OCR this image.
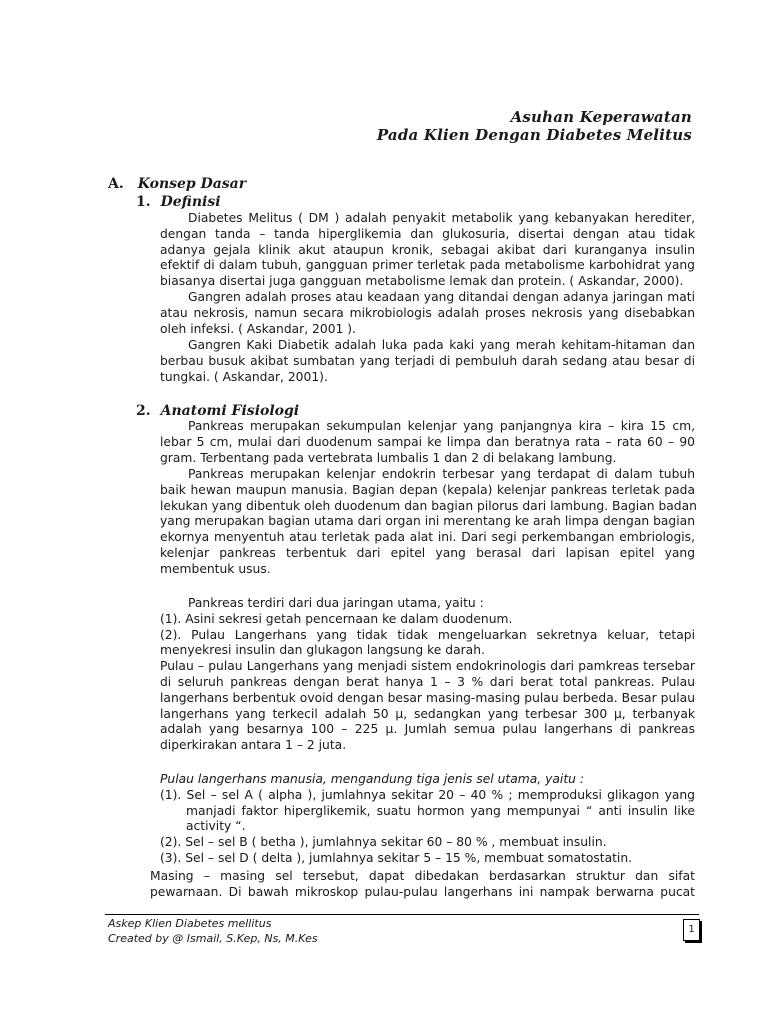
Asuhan Keperawatan
Pada Klien Dengan Diabetes Melitus
A. Konsep Dasar
1. Definisi
Diabetes Melitus ( DM ) adalah penyakit metabolik yang kebanyakan herediter,
dengan tanda – tanda hiperglikemia dan glukosuria, disertai dengan atau tidak
adanya gejala klinik akut ataupun kronik, sebagai akibat dari kuranganya insulin
efektif di dalam tubuh, gangguan primer terletak pada metabolisme karbohidrat yang
biasanya disertai juga gangguan metabolisme lemak dan protein. ( Askandar, 2000).
Gangren adalah proses atau keadaan yang ditandai dengan adanya jaringan mati
atau nekrosis, namun secara mikrobiologis adalah proses nekrosis yang disebabkan
oleh infeksi. ( Askandar, 2001 ).
Gangren Kaki Diabetik adalah luka pada kaki yang merah kehitam-hitaman dan
berbau busuk akibat sumbatan yang terjadi di pembuluh darah sedang atau besar di
tungkai. ( Askandar, 2001).
2. Anatomi Fisiologi
Pankreas merupakan sekumpulan kelenjar yang panjangnya kira – kira 15 cm,
lebar 5 cm, mulai dari duodenum sampai ke limpa dan beratnya rata – rata 60 – 90
gram. Terbentang pada vertebrata lumbalis 1 dan 2 di belakang lambung.
Pankreas merupakan kelenjar endokrin terbesar yang terdapat di dalam tubuh
baik hewan maupun manusia. Bagian depan (kepala) kelenjar pankreas terletak pada
lekukan yang dibentuk oleh duodenum dan bagian pilorus dari lambung. Bagian badan
yang merupakan bagian utama dari organ ini merentang ke arah limpa dengan bagian
ekornya menyentuh atau terletak pada alat ini. Dari segi perkembangan embriologis,
kelenjar pankreas terbentuk dari epitel yang berasal dari lapisan epitel yang
membentuk usus.
Pankreas terdiri dari dua jaringan utama, yaitu :
(1). Asini sekresi getah pencernaan ke dalam duodenum.
(2). Pulau Langerhans yang tidak tidak mengeluarkan sekretnya keluar, tetapi
menyekresi insulin dan glukagon langsung ke darah.
Pulau – pulau Langerhans yang menjadi sistem endokrinologis dari pamkreas tersebar
di seluruh pankreas dengan berat hanya 1 – 3 % dari berat total pankreas. Pulau
langerhans berbentuk ovoid dengan besar masing-masing pulau berbeda. Besar pulau
langerhans yang terkecil adalah 50 μ, sedangkan yang terbesar 300 μ, terbanyak
adalah yang besarnya 100 – 225 μ. Jumlah semua pulau langerhans di pankreas
diperkirakan antara 1 – 2 juta.
Pulau langerhans manusia, mengandung tiga jenis sel utama, yaitu :
(1). Sel – sel A ( alpha ), jumlahnya sekitar 20 – 40 % ; memproduksi glikagon yang
manjadi faktor hiperglikemik, suatu hormon yang mempunyai “ anti insulin like
activity “.
(2). Sel – sel B ( betha ), jumlahnya sekitar 60 – 80 % , membuat insulin.
(3). Sel – sel D ( delta ), jumlahnya sekitar 5 – 15 %, membuat somatostatin.
Masing – masing sel tersebut, dapat dibedakan berdasarkan struktur dan sifat
pewarnaan. Di bawah mikroskop pulau-pulau langerhans ini nampak berwarna pucat
Askep Klien Diabetes mellitus
Created by @ Ismail, S.Kep, Ns, M.Kes
1
